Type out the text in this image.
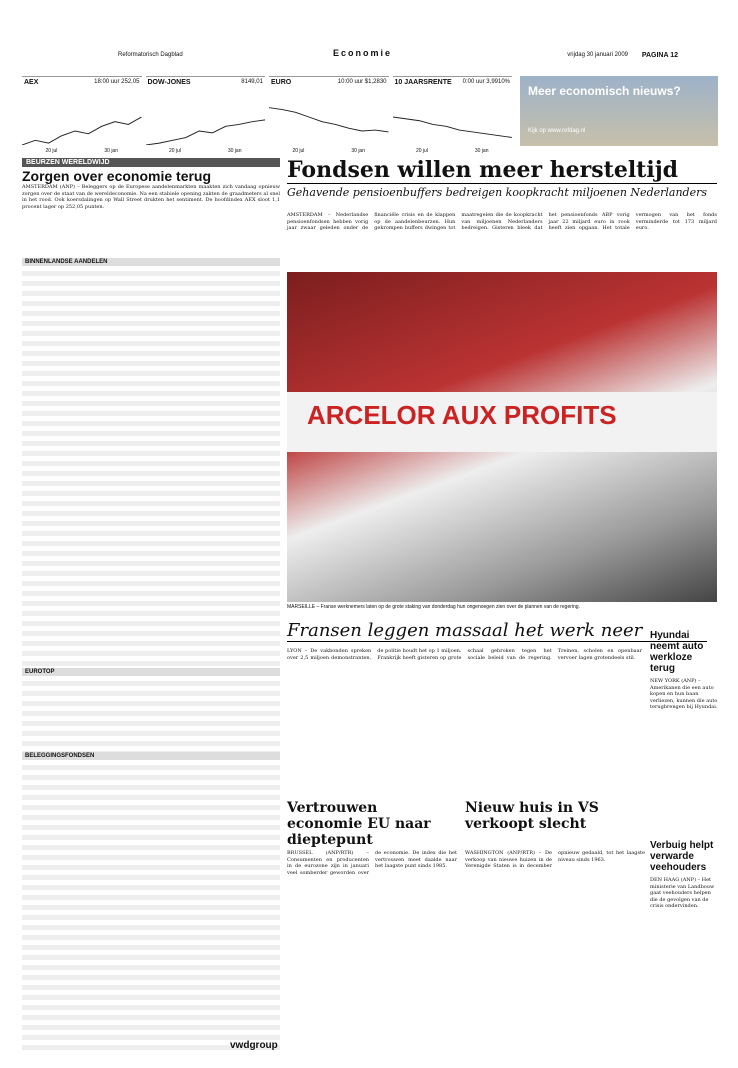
Reformatorisch Dagblad	Economie	vrijdag 30 januari 2009 PAGINA 12
AEX	18:00 uur 252,05
20 jul	30 jan
DOW-JONES	8149,01
20 jul	30 jan
EURO	10:00 uur $1,2830
20 jul	30 jan
10 JAARSRENTE 0:00 uur 3,9910%
20 jul	30 jan
Meer economisch nieuws?
Kijk op www.refdag.nl
BEURZEN WERELDWIJD
Zorgen over economie terug
AMSTERDAM (ANP) – Beleggers op de Europese aandelenmarkten maakten zich vandaag opnieuw zorgen over de staat van de wereldeconomie. Na een stabiele opening zakten de graadmeters al snel in het rood. Ook koersdalingen op Wall Street drukten het sentiment. De hoofdindex AEX sloot 1,1 procent lager op 252,05 punten.
BINNENLANDSE AANDELEN
EUROTOP
BELEGGINGSFONDSEN
Fondsen willen meer hersteltijd
Gehavende pensioenbuffers bedreigen koopkracht miljoenen Nederlanders
AMSTERDAM – Nederlandse pensioenfondsen hebben vorig jaar zwaar geleden onder de financiële crisis en de klappen op de aandelenbeurzen. Hun gekrompen buffers dwingen tot maatregelen die de koopkracht van miljoenen Nederlanders bedreigen. Gisteren bleek dat het pensioenfonds ABP vorig jaar 22 miljard euro in rook heeft zien opgaan. Het totale vermogen van het fonds verminderde tot 173 miljard euro.
ARCELOR AUX PROFITS
MARSEILLE – Franse werknemers laten op de grote staking van donderdag hun ongenoegen zien over de plannen van de regering.
Fransen leggen massaal het werk neer
LYON – De vakbonden spreken over 2,5 miljoen demonstranten, de politie houdt het op 1 miljoen. Frankrijk heeft gisteren op grote schaal gebroken tegen het sociale beleid van de regering. Treinen, scholen en openbaar vervoer lagen grotendeels stil.
Hyundai neemt auto werkloze terug
NEW YORK (ANP) – Amerikanen die een auto kopen en hun baan verliezen, kunnen die auto terugbrengen bij Hyundai.
Vertrouwen economie EU naar dieptepunt
BRUSSEL (ANP/RTR) – Consumenten en producenten in de eurozone zijn in januari veel somberder geworden over de economie. De index die het vertrouwen meet daalde naar het laagste punt sinds 1985.
Nieuw huis in VS verkoopt slecht
WASHINGTON (ANP/RTR) – De verkoop van nieuwe huizen in de Verenigde Staten is in december opnieuw gedaald, tot het laagste niveau sinds 1963.
Verbuig helpt verwarde veehouders
DEN HAAG (ANP) – Het ministerie van Landbouw gaat veehouders helpen die de gevolgen van de crisis ondervinden.
vwdgroup
